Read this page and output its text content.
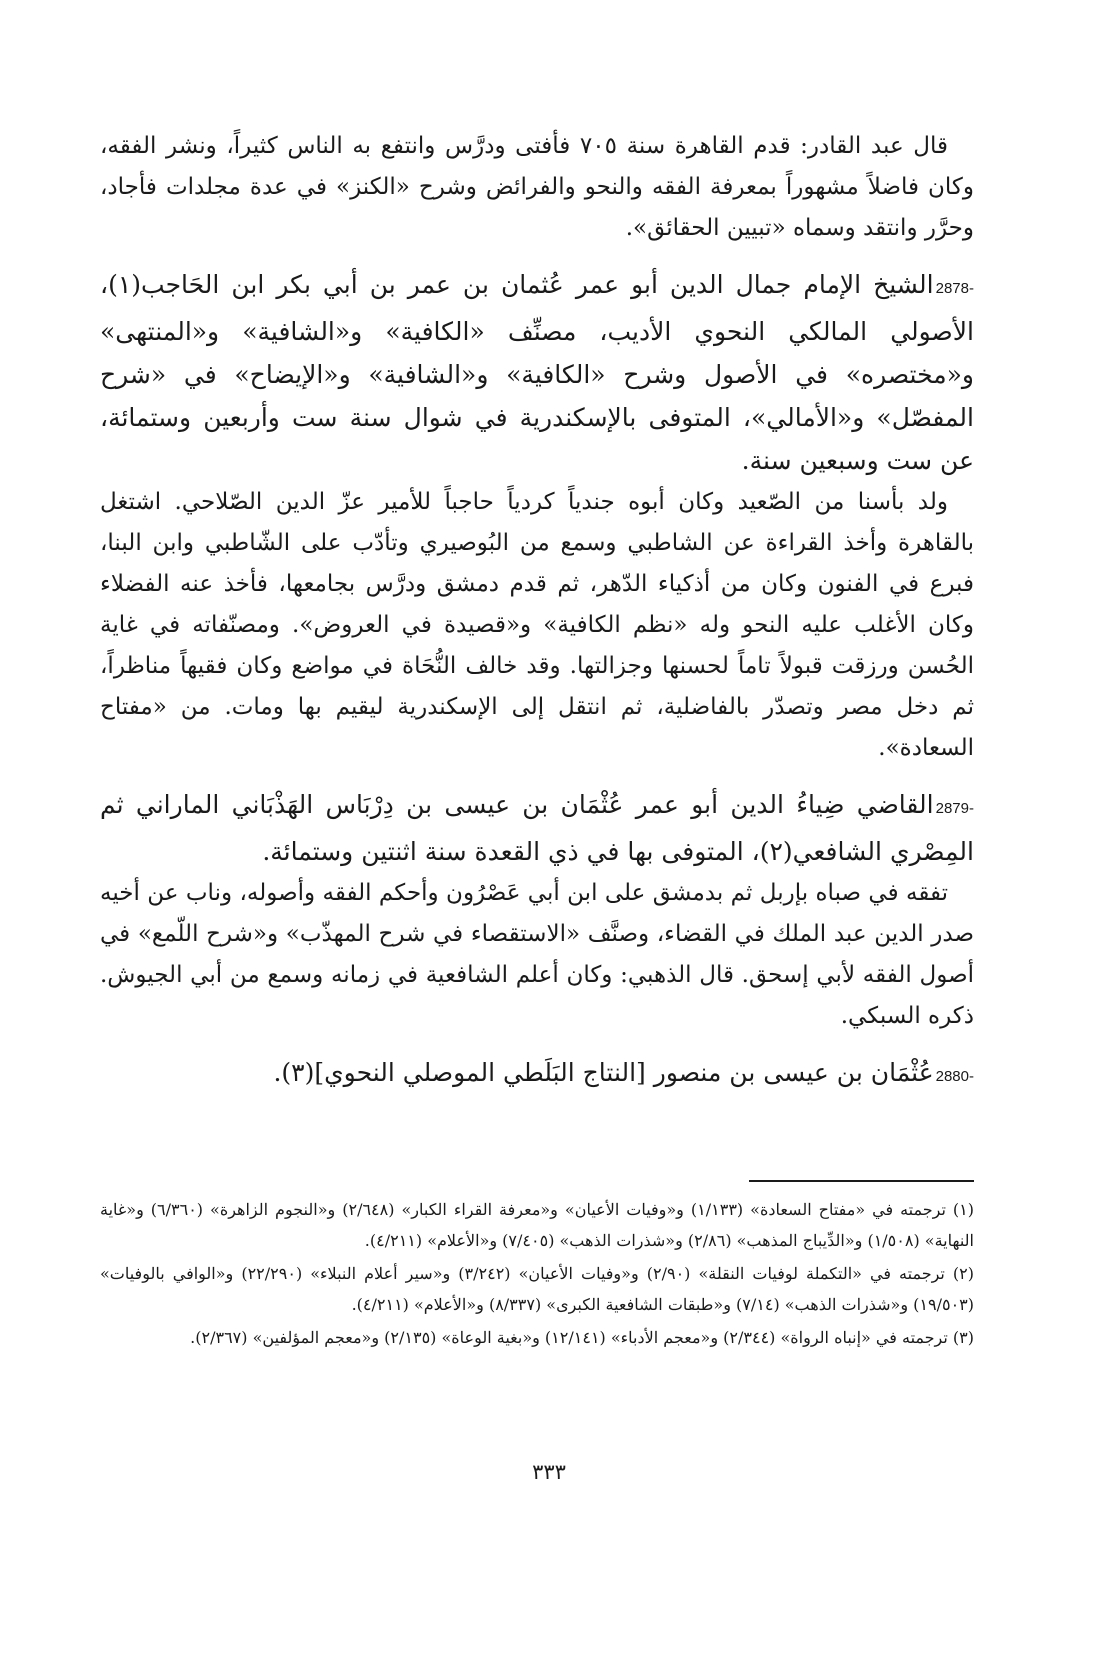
قال عبد القادر: قدم القاهرة سنة ٧٠٥ فأفتى ودرَّس وانتفع به الناس كثيراً، ونشر الفقه، وكان فاضلاً مشهوراً بمعرفة الفقه والنحو والفرائض وشرح «الكنز» في عدة مجلدات فأجاد، وحرَّر وانتقد وسماه «تبيين الحقائق».

2878-الشيخ الإمام جمال الدين أبو عمر عُثمان بن عمر بن أبي بكر ابن الحَاجب(١)، الأصولي المالكي النحوي الأديب، مصنِّف «الكافية» و«الشافية» و«المنتهى» و«مختصره» في الأصول وشرح «الكافية» و«الشافية» و«الإيضاح» في «شرح المفصّل» و«الأمالي»، المتوفى بالإسكندرية في شوال سنة ست وأربعين وستمائة، عن ست وسبعين سنة.

ولد بأسنا من الصّعيد وكان أبوه جندياً كردياً حاجباً للأمير عزّ الدين الصّلاحي. اشتغل بالقاهرة وأخذ القراءة عن الشاطبي وسمع من البُوصيري وتأدّب على الشّاطبي وابن البنا، فبرع في الفنون وكان من أذكياء الدّهر، ثم قدم دمشق ودرَّس بجامعها، فأخذ عنه الفضلاء وكان الأغلب عليه النحو وله «نظم الكافية» و«قصيدة في العروض». ومصنّفاته في غاية الحُسن ورزقت قبولاً تاماً لحسنها وجزالتها. وقد خالف النُّحَاة في مواضع وكان فقيهاً مناظراً، ثم دخل مصر وتصدّر بالفاضلية، ثم انتقل إلى الإسكندرية ليقيم بها ومات. من «مفتاح السعادة».

2879-القاضي ضِياءُ الدين أبو عمر عُثْمَان بن عيسى بن دِرْبَاس الهَذْبَاني الماراني ثم المِصْري الشافعي(٢)، المتوفى بها في ذي القعدة سنة اثنتين وستمائة.

تفقه في صباه بإربل ثم بدمشق على ابن أبي عَصْرُون وأحكم الفقه وأصوله، وناب عن أخيه صدر الدين عبد الملك في القضاء، وصنَّف «الاستقصاء في شرح المهذّب» و«شرح اللّمع» في أصول الفقه لأبي إسحق. قال الذهبي: وكان أعلم الشافعية في زمانه وسمع من أبي الجيوش. ذكره السبكي.

2880-عُثْمَان بن عيسى بن منصور [النتاج البَلَطي الموصلي النحوي](٣).

(١) ترجمته في «مفتاح السعادة» (١/١٣٣) و«وفيات الأعيان» و«معرفة القراء الكبار» (٢/٦٤٨) و«النجوم الزاهرة» (٦/٣٦٠) و«غاية النهاية» (١/٥٠٨) و«الدِّيباج المذهب» (٢/٨٦) و«شذرات الذهب» (٧/٤٠٥) و«الأعلام» (٤/٢١١).

(٢) ترجمته في «التكملة لوفيات النقلة» (٢/٩٠) و«وفيات الأعيان» (٣/٢٤٢) و«سير أعلام النبلاء» (٢٢/٢٩٠) و«الوافي بالوفيات» (١٩/٥٠٣) و«شذرات الذهب» (٧/١٤) و«طبقات الشافعية الكبرى» (٨/٣٣٧) و«الأعلام» (٤/٢١١).

(٣) ترجمته في «إنباه الرواة» (٢/٣٤٤) و«معجم الأدباء» (١٢/١٤١) و«بغية الوعاة» (٢/١٣٥) و«معجم المؤلفين» (٢/٣٦٧).

٣٣٣
